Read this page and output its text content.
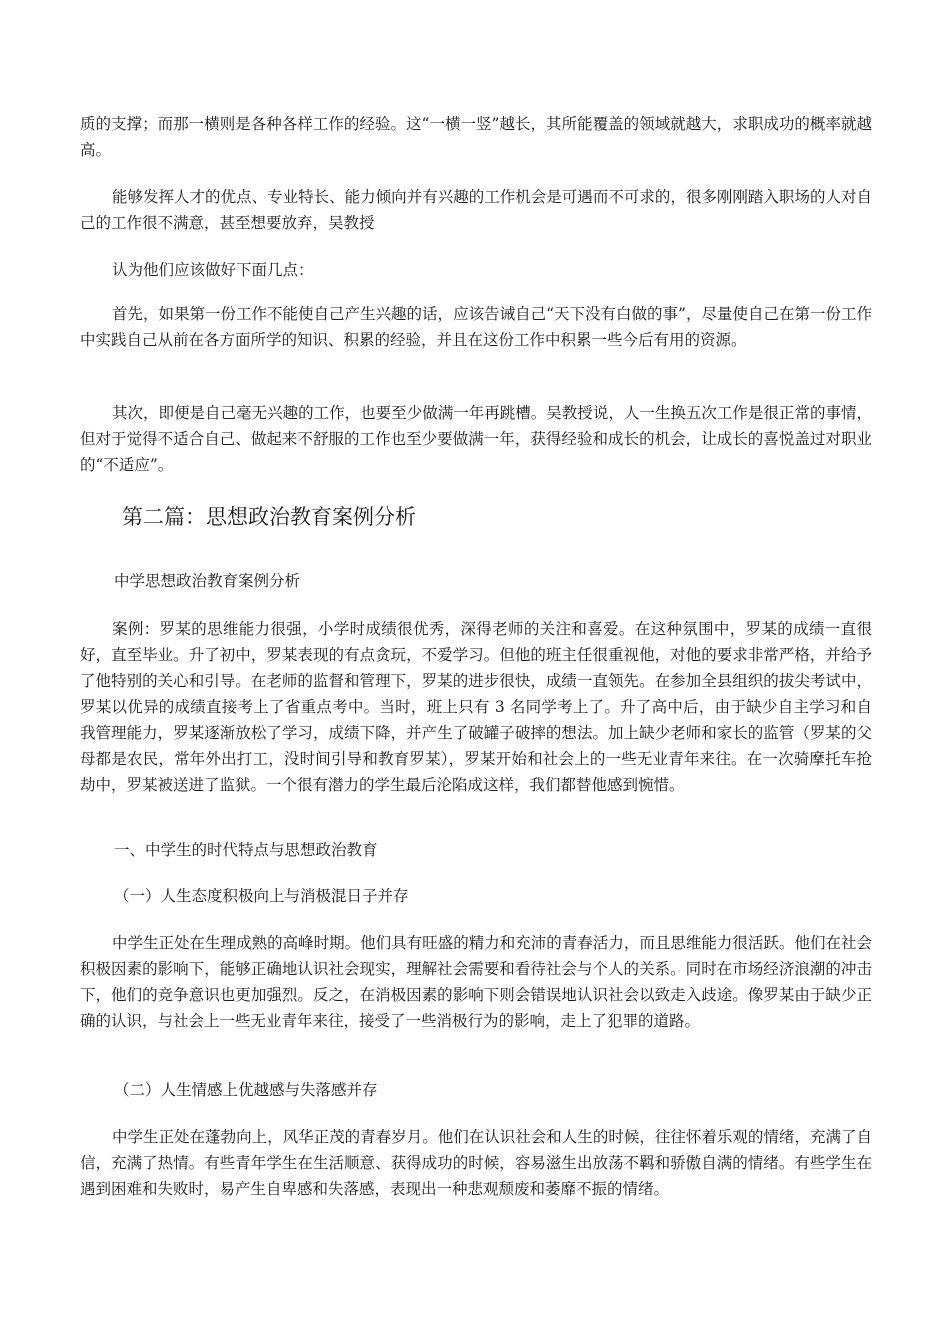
质的支撑；而那一横则是各种各样工作的经验。这“一横一竖”越长，其所能覆盖的领域就越大，求职成功的概率就越高。

能够发挥人才的优点、专业特长、能力倾向并有兴趣的工作机会是可遇而不可求的，很多刚刚踏入职场的人对自己的工作很不满意，甚至想要放弃，吴教授

认为他们应该做好下面几点：

首先，如果第一份工作不能使自己产生兴趣的话，应该告诫自己“天下没有白做的事”，尽量使自己在第一份工作中实践自己从前在各方面所学的知识、积累的经验，并且在这份工作中积累一些今后有用的资源。

其次，即便是自己毫无兴趣的工作，也要至少做满一年再跳槽。吴教授说，人一生换五次工作是很正常的事情，但对于觉得不适合自己、做起来不舒服的工作也至少要做满一年，获得经验和成长的机会，让成长的喜悦盖过对职业的“不适应”。

第二篇：思想政治教育案例分析

中学思想政治教育案例分析

案例：罗某的思维能力很强，小学时成绩很优秀，深得老师的关注和喜爱。在这种氛围中，罗某的成绩一直很好，直至毕业。升了初中，罗某表现的有点贪玩，不爱学习。但他的班主任很重视他，对他的要求非常严格，并给予了他特别的关心和引导。在老师的监督和管理下，罗某的进步很快，成绩一直领先。在参加全县组织的拔尖考试中，罗某以优异的成绩直接考上了省重点考中。当时，班上只有 3 名同学考上了。升了高中后，由于缺少自主学习和自我管理能力，罗某逐渐放松了学习，成绩下降，并产生了破罐子破摔的想法。加上缺少老师和家长的监管（罗某的父母都是农民，常年外出打工，没时间引导和教育罗某），罗某开始和社会上的一些无业青年来往。在一次骑摩托车抢劫中，罗某被送进了监狱。一个很有潜力的学生最后沦陷成这样，我们都替他感到惋惜。

一、中学生的时代特点与思想政治教育

（一）人生态度积极向上与消极混日子并存

中学生正处在生理成熟的高峰时期。他们具有旺盛的精力和充沛的青春活力，而且思维能力很活跃。他们在社会积极因素的影响下，能够正确地认识社会现实，理解社会需要和看待社会与个人的关系。同时在市场经济浪潮的冲击下，他们的竞争意识也更加强烈。反之，在消极因素的影响下则会错误地认识社会以致走入歧途。像罗某由于缺少正确的认识，与社会上一些无业青年来往，接受了一些消极行为的影响，走上了犯罪的道路。

（二）人生情感上优越感与失落感并存

中学生正处在蓬勃向上，风华正茂的青春岁月。他们在认识社会和人生的时候，往往怀着乐观的情绪，充满了自信，充满了热情。有些青年学生在生活顺意、获得成功的时候，容易滋生出放荡不羁和骄傲自满的情绪。有些学生在遇到困难和失败时，易产生自卑感和失落感，表现出一种悲观颓废和萎靡不振的情绪。
